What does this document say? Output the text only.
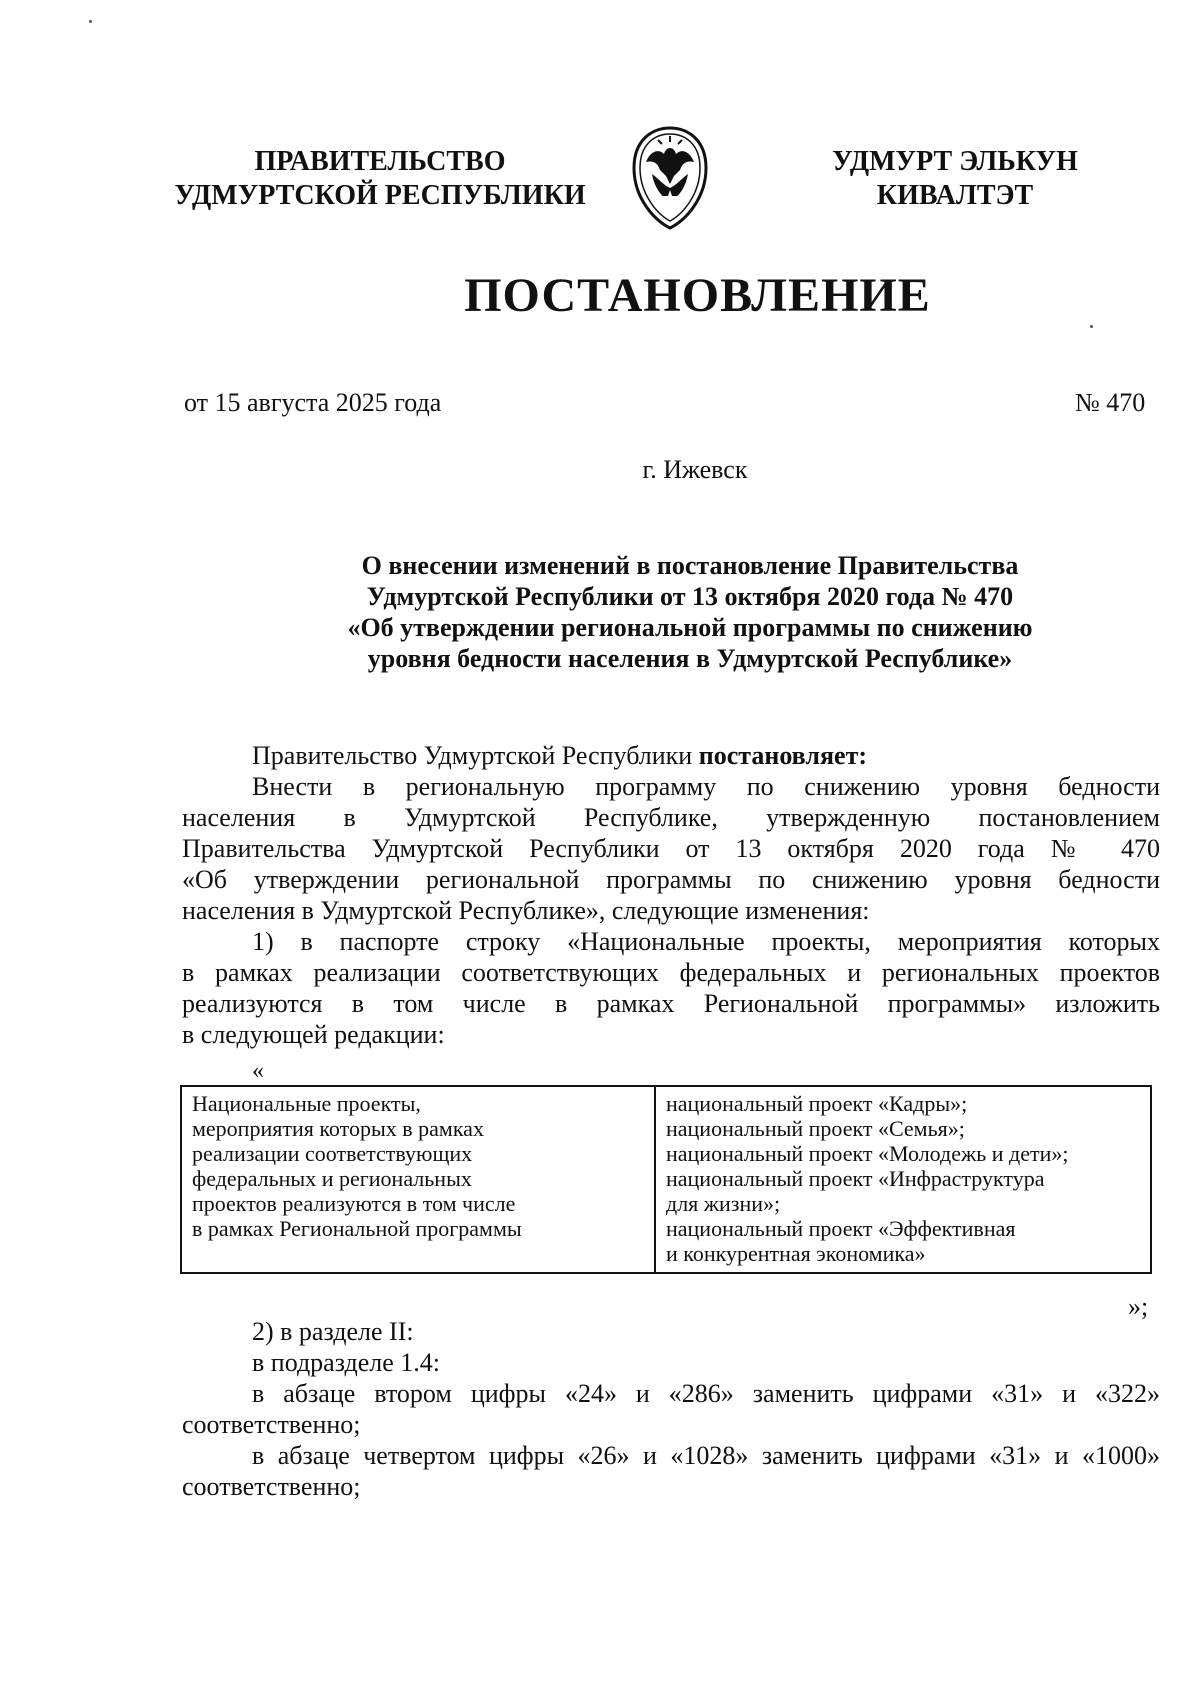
ПРАВИТЕЛЬСТВО
УДМУРТСКОЙ РЕСПУБЛИКИ
УДМУРТ ЭЛЬКУН
КИВАЛТЭТ
ПОСТАНОВЛЕНИЕ
от 15 августа 2025 года	№ 470
г. Ижевск
О внесении изменений в постановление Правительства
Удмуртской Республики от 13 октября 2020 года № 470
«Об утверждении региональной программы по снижению
уровня бедности населения в Удмуртской Республике»
Правительство Удмуртской Республики постановляет:
Внести в региональную программу по снижению уровня бедности
населения в Удмуртской Республике, утвержденную постановлением
Правительства Удмуртской Республики от 13 октября 2020 года № 470
«Об утверждении региональной программы по снижению уровня бедности
населения в Удмуртской Республике», следующие изменения:
1) в паспорте строку «Национальные проекты, мероприятия которых
в рамках реализации соответствующих федеральных и региональных проектов
реализуются в том числе в рамках Региональной программы» изложить
в следующей редакции:
«
Национальные проекты,
мероприятия которых в рамках
реализации соответствующих
федеральных и региональных
проектов реализуются в том числе
в рамках Региональной программы

национальный проект «Кадры»;
национальный проект «Семья»;
национальный проект «Молодежь и дети»;
национальный проект «Инфраструктура
для жизни»;
национальный проект «Эффективная
и конкурентная экономика»
»;
2) в разделе II:
в подразделе 1.4:
в абзаце втором цифры «24» и «286» заменить цифрами «31» и «322»
соответственно;
в абзаце четвертом цифры «26» и «1028» заменить цифрами «31» и «1000»
соответственно;
